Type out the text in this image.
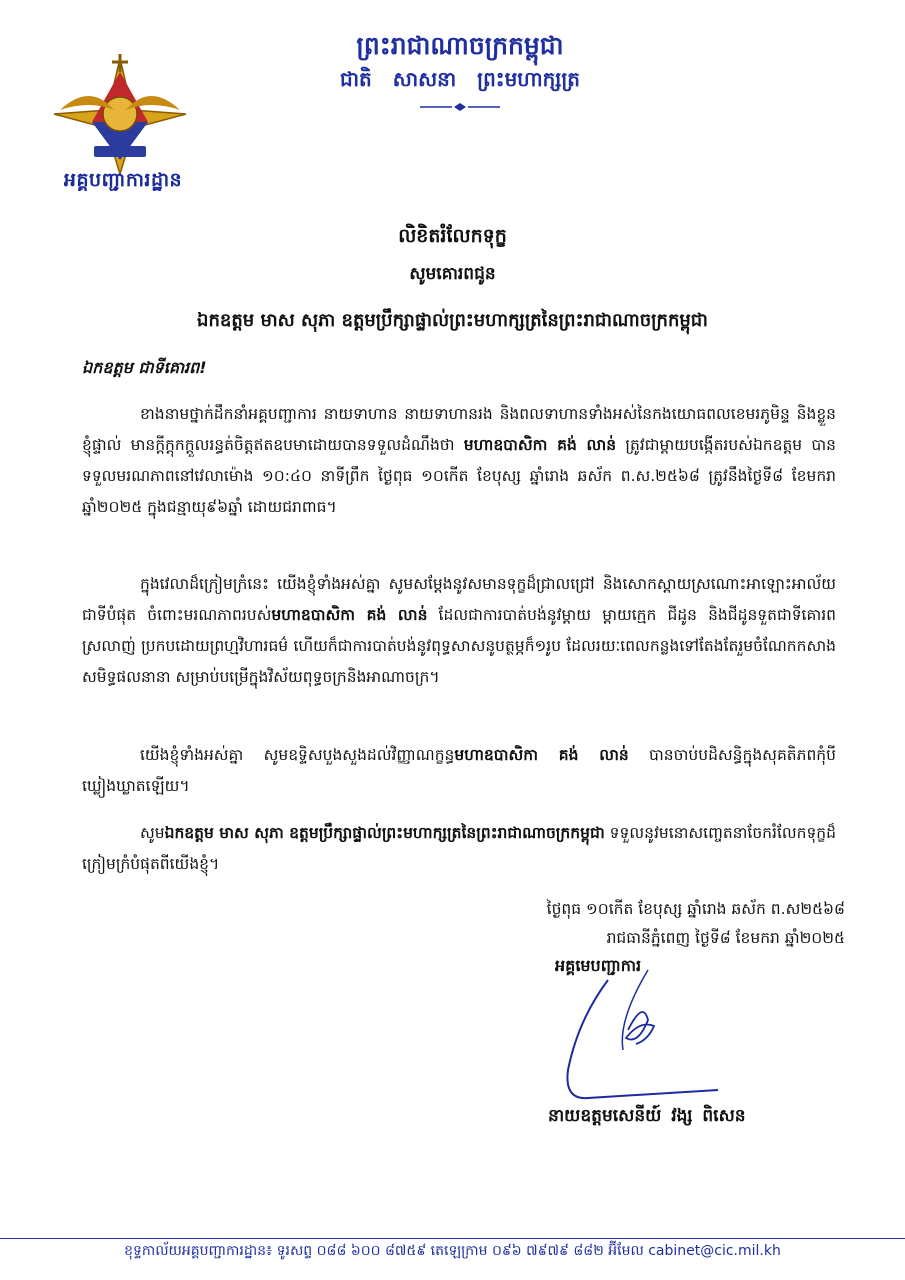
អគ្គបញ្ជាការដ្ឋាន
ព្រះរាជាណាចក្រកម្ពុជា
ជាតិ សាសនា ព្រះមហាក្សត្រ
លិខិតរំលែកទុក្ខ
សូមគោរពជូន
ឯកឧត្តម មាស សុភា ឧត្តមប្រឹក្សាផ្ទាល់ព្រះមហាក្សត្រនៃព្រះរាជាណាចក្រកម្ពុជា
ឯកឧត្តម ជាទីគោរព!
ខាងនាមថ្នាក់ដឹកនាំអគ្គបញ្ជាការ នាយទាហាន នាយទាហានរង និងពលទាហានទាំងអស់នៃកងយោធពលខេមរភូមិន្ទ និងខ្លួនខ្ញុំផ្ទាល់ មានក្តីក្តុកក្តួលរន្ធត់ចិត្តឥតឧបមាដោយបានទទួលដំណឹងថា មហាឧបាសិកា គង់ លាន់ ត្រូវជាម្តាយបង្កើតរបស់ឯកឧត្តម បានទទួលមរណភាពនៅវេលាម៉ោង ១០:៤០ នាទីព្រឹក ថ្ងៃពុធ ១០កើត ខែបុស្ស ឆ្នាំរោង ឆស័ក ព.ស.២៥៦៨ ត្រូវនឹងថ្ងៃទី៨ ខែមករា ឆ្នាំ២០២៥ ក្នុងជន្មាយុ៩៦ឆ្នាំ ដោយជរាពាធ។
ក្នុងវេលាដ៏ក្រៀមក្រំនេះ យើងខ្ញុំទាំងអស់គ្នា សូមសម្តែងនូវសមានទុក្ខដ៏ជ្រាលជ្រៅ និងសោកស្តាយស្រណោះអាឡោះអាល័យជាទីបំផុត ចំពោះមរណភាពរបស់មហាឧបាសិកា គង់ លាន់ ដែលជាការបាត់បង់នូវម្តាយ ម្តាយក្មេក ជីដូន និងជីដូនទួតជាទីគោរពស្រលាញ់ ប្រកបដោយព្រហ្មវិហារធម៌ ហើយក៏ជាការបាត់បង់នូវពុទ្ធសាសនូបត្ថម្ភក៏១រូប ដែលរយៈពេលកន្លងទៅតែងតែរួមចំណែកកសាងសមិទ្ធផលនានា សម្រាប់បម្រើក្នុងវិស័យពុទ្ធចក្រនិងអាណាចក្រ។
យើងខ្ញុំទាំងអស់គ្នា សូមឧទ្ទិសបួងសួងដល់វិញ្ញាណក្ខន្ធមហាឧបាសិកា គង់ លាន់ បានចាប់បដិសន្ធិក្នុងសុគតិភពកុំបីឃ្លៀងឃ្លាតឡើយ។
សូមឯកឧត្តម មាស សុភា ឧត្តមប្រឹក្សាផ្ទាល់ព្រះមហាក្សត្រនៃព្រះរាជាណាចក្រកម្ពុជា ទទួលនូវមនោសញ្ចេតនាចែករំលែកទុក្ខដ៏ក្រៀមក្រំបំផុតពីយើងខ្ញុំ។
ថ្ងៃពុធ ១០កើត ខែបុស្ស ឆ្នាំរោង ឆស័ក ព.ស២៥៦៨
រាជធានីភ្នំពេញ ថ្ងៃទី៨ ខែមករា ឆ្នាំ២០២៥
អគ្គមេបញ្ជាការ
នាយឧត្តមសេនីយ៍ វង្ស ពិសេន
ខុទ្ទកាល័យអគ្គបញ្ជាការដ្ឋាន៖ ទូរសព្ទ ០៨៨ ៦០០ ៨៧៥៩ តេឡេក្រាម ០៩៦ ៧៩៧៩ ៨៨២ អ៊ីមែល cabinet@cic.mil.kh
